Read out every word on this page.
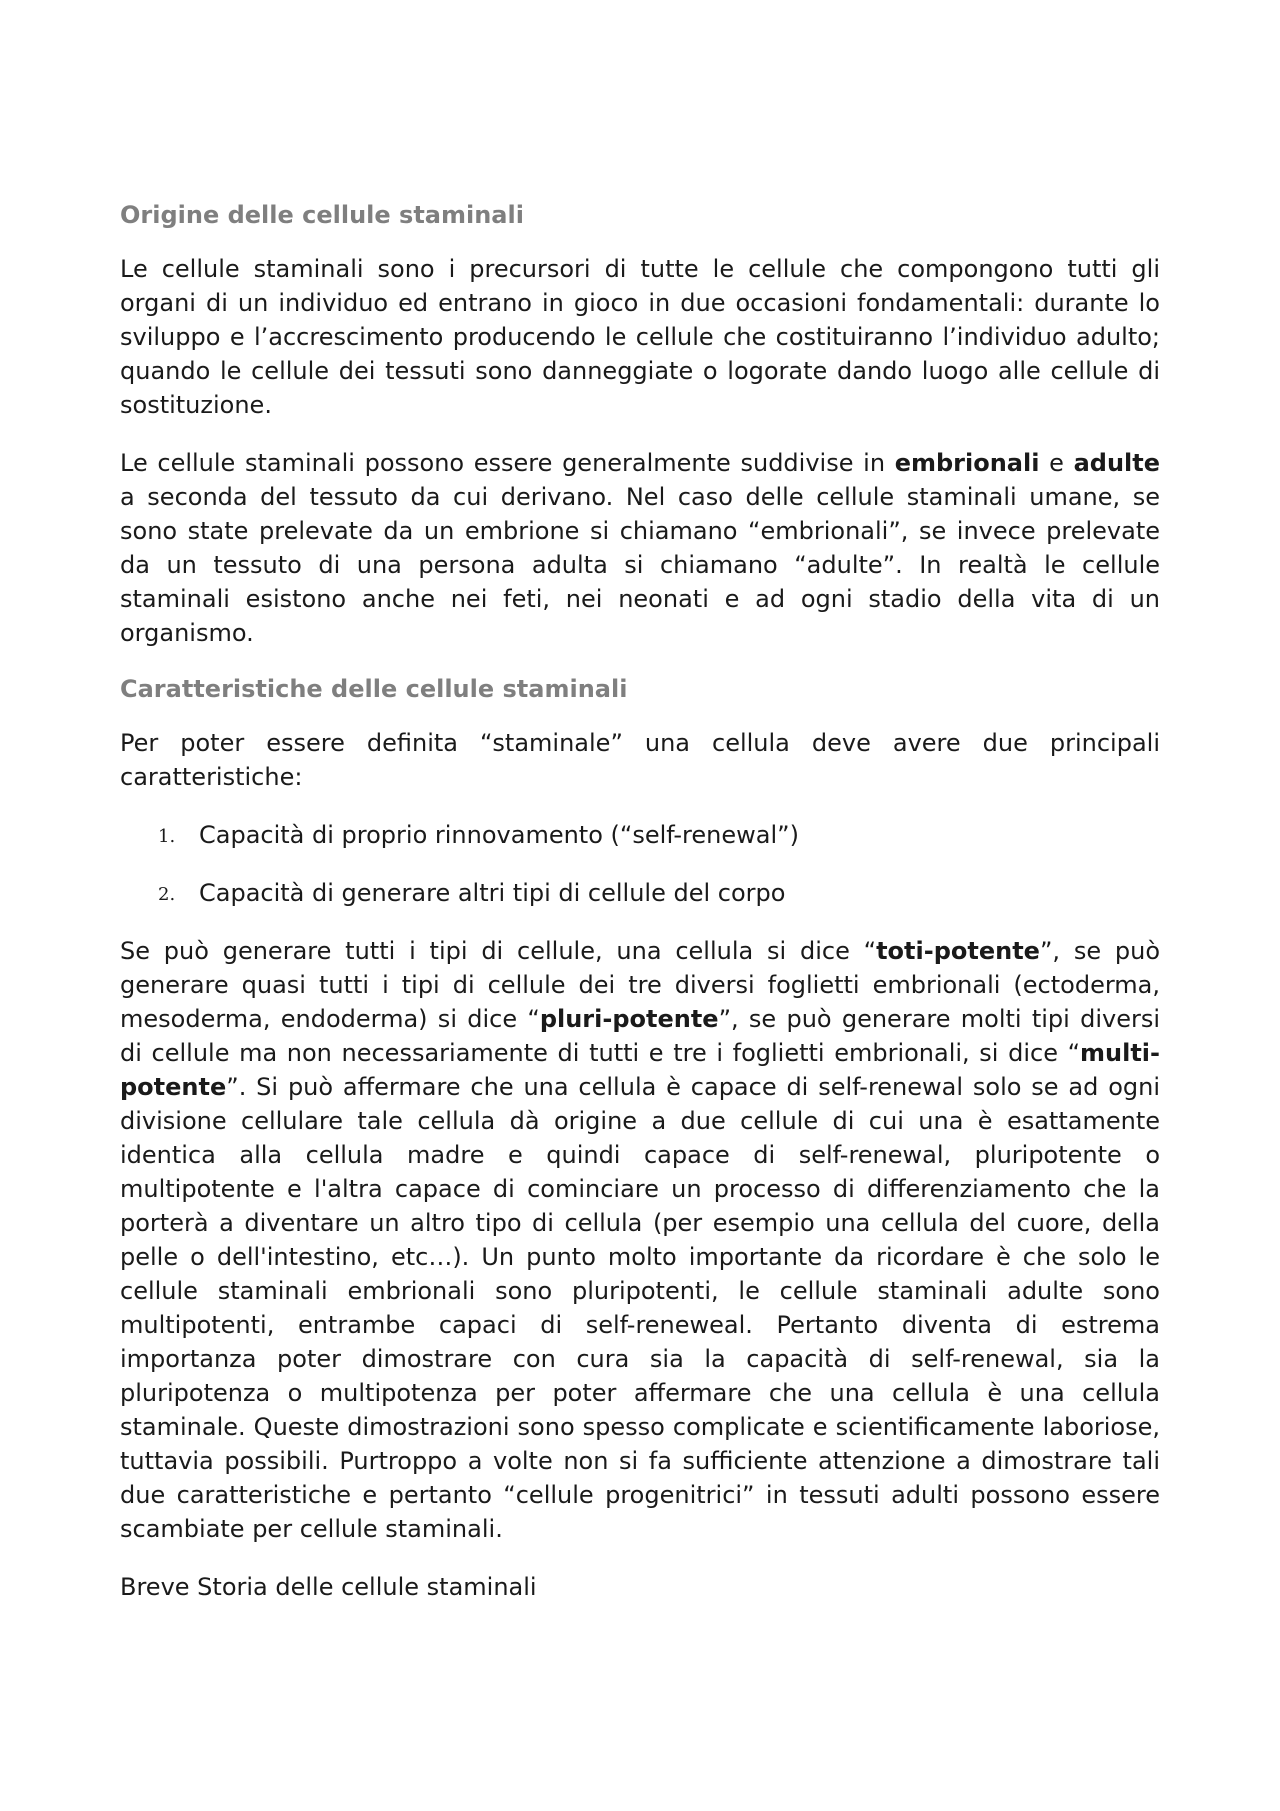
Origine delle cellule staminali

Le cellule staminali sono i precursori di tutte le cellule che compongono tutti gli organi di un individuo ed entrano in gioco in due occasioni fondamentali: durante lo sviluppo e l’accrescimento producendo le cellule che costituiranno l’individuo adulto; quando le cellule dei tessuti sono danneggiate o logorate dando luogo alle cellule di sostituzione.

Le cellule staminali possono essere generalmente suddivise in embrionali e adulte a seconda del tessuto da cui derivano. Nel caso delle cellule staminali umane, se sono state prelevate da un embrione si chiamano “embrionali”, se invece prelevate da un tessuto di una persona adulta si chiamano “adulte”. In realtà le cellule staminali esistono anche nei feti, nei neonati e ad ogni stadio della vita di un organismo.

Caratteristiche delle cellule staminali

Per poter essere definita “staminale” una cellula deve avere due principali caratteristiche:

1. Capacità di proprio rinnovamento (“self-renewal”)
2. Capacità di generare altri tipi di cellule del corpo

Se può generare tutti i tipi di cellule, una cellula si dice “toti-potente”, se può generare quasi tutti i tipi di cellule dei tre diversi foglietti embrionali (ectoderma, mesoderma, endoderma) si dice “pluri-potente”, se può generare molti tipi diversi di cellule ma non necessariamente di tutti e tre i foglietti embrionali, si dice “multi-potente”. Si può affermare che una cellula è capace di self-renewal solo se ad ogni divisione cellulare tale cellula dà origine a due cellule di cui una è esattamente identica alla cellula madre e quindi capace di self-renewal, pluripotente o multipotente e l'altra capace di cominciare un processo di differenziamento che la porterà a diventare un altro tipo di cellula (per esempio una cellula del cuore, della pelle o dell'intestino, etc…). Un punto molto importante da ricordare è che solo le cellule staminali embrionali sono pluripotenti, le cellule staminali adulte sono multipotenti, entrambe capaci di self-reneweal. Pertanto diventa di estrema importanza poter dimostrare con cura sia la capacità di self-renewal, sia la pluripotenza o multipotenza per poter affermare che una cellula è una cellula staminale. Queste dimostrazioni sono spesso complicate e scientificamente laboriose, tuttavia possibili. Purtroppo a volte non si fa sufficiente attenzione a dimostrare tali due caratteristiche e pertanto “cellule progenitrici” in tessuti adulti possono essere scambiate per cellule staminali.

Breve Storia delle cellule staminali
